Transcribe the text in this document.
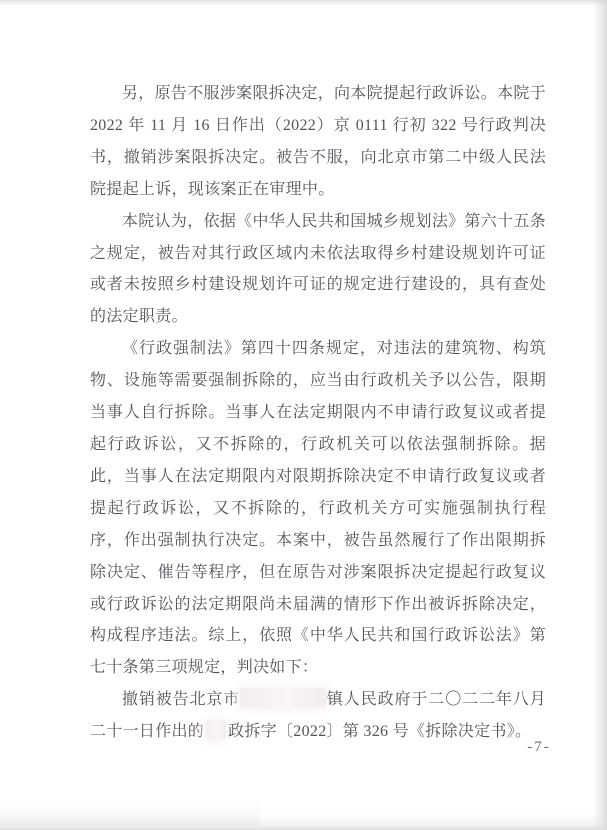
另，原告不服涉案限拆决定，向本院提起行政诉讼。本院于 2022 年 11 月 16 日作出（2022）京 0111 行初 322 号行政判决书，撤销涉案限拆决定。被告不服，向北京市第二中级人民法院提起上诉，现该案正在审理中。

本院认为，依据《中华人民共和国城乡规划法》第六十五条之规定，被告对其行政区域内未依法取得乡村建设规划许可证或者未按照乡村建设规划许可证的规定进行建设的，具有查处的法定职责。

《行政强制法》第四十四条规定，对违法的建筑物、构筑物、设施等需要强制拆除的，应当由行政机关予以公告，限期当事人自行拆除。当事人在法定期限内不申请行政复议或者提起行政诉讼，又不拆除的，行政机关可以依法强制拆除。据此，当事人在法定期限内对限期拆除决定不申请行政复议或者提起行政诉讼，又不拆除的，行政机关方可实施强制执行程序，作出强制执行决定。本案中，被告虽然履行了作出限期拆除决定、催告等程序，但在原告对涉案限拆决定提起行政复议或行政诉讼的法定期限尚未届满的情形下作出被诉拆除决定，构成程序违法。综上，依照《中华人民共和国行政诉讼法》第七十条第三项规定，判决如下：

撤销被告北京市	镇人民政府于二〇二二年八月二十一日作出的 政拆字〔2022〕第 326 号《拆除决定书》。

-7-
